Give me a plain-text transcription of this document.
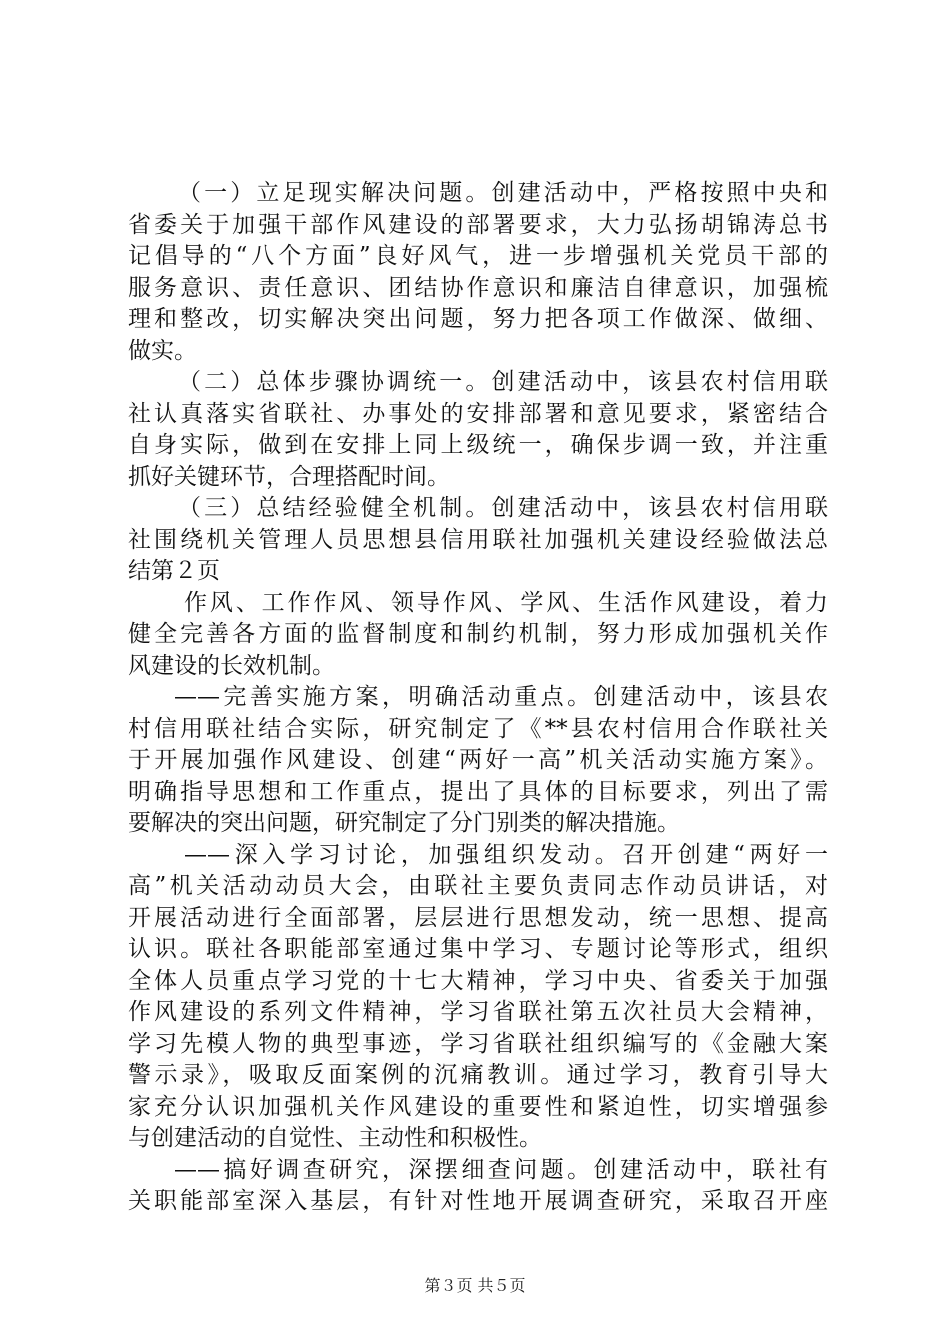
（一）立足现实解决问题。创建活动中，严格按照中央和
省委关于加强干部作风建设的部署要求，大力弘扬胡锦涛总书
记倡导的“八个方面”良好风气，进一步增强机关党员干部的
服务意识、责任意识、团结协作意识和廉洁自律意识，加强梳
理和整改，切实解决突出问题，努力把各项工作做深、做细、
做实。
（二）总体步骤协调统一。创建活动中，该县农村信用联
社认真落实省联社、办事处的安排部署和意见要求，紧密结合
自身实际，做到在安排上同上级统一，确保步调一致，并注重
抓好关键环节，合理搭配时间。
（三）总结经验健全机制。创建活动中，该县农村信用联
社围绕机关管理人员思想县信用联社加强机关建设经验做法总
结第２页
作风、工作作风、领导作风、学风、生活作风建设，着力
健全完善各方面的监督制度和制约机制，努力形成加强机关作
风建设的长效机制。
——完善实施方案，明确活动重点。创建活动中，该县农
村信用联社结合实际，研究制定了《**县农村信用合作联社关
于开展加强作风建设、创建“两好一高”机关活动实施方案》。
明确指导思想和工作重点，提出了具体的目标要求，列出了需
要解决的突出问题，研究制定了分门别类的解决措施。
——深入学习讨论，加强组织发动。召开创建“两好一
高”机关活动动员大会，由联社主要负责同志作动员讲话，对
开展活动进行全面部署，层层进行思想发动，统一思想、提高
认识。联社各职能部室通过集中学习、专题讨论等形式，组织
全体人员重点学习党的十七大精神，学习中央、省委关于加强
作风建设的系列文件精神，学习省联社第五次社员大会精神，
学习先模人物的典型事迹，学习省联社组织编写的《金融大案
警示录》，吸取反面案例的沉痛教训。通过学习，教育引导大
家充分认识加强机关作风建设的重要性和紧迫性，切实增强参
与创建活动的自觉性、主动性和积极性。
——搞好调查研究，深摆细查问题。创建活动中，联社有
关职能部室深入基层，有针对性地开展调查研究，采取召开座
第３页 共５页
